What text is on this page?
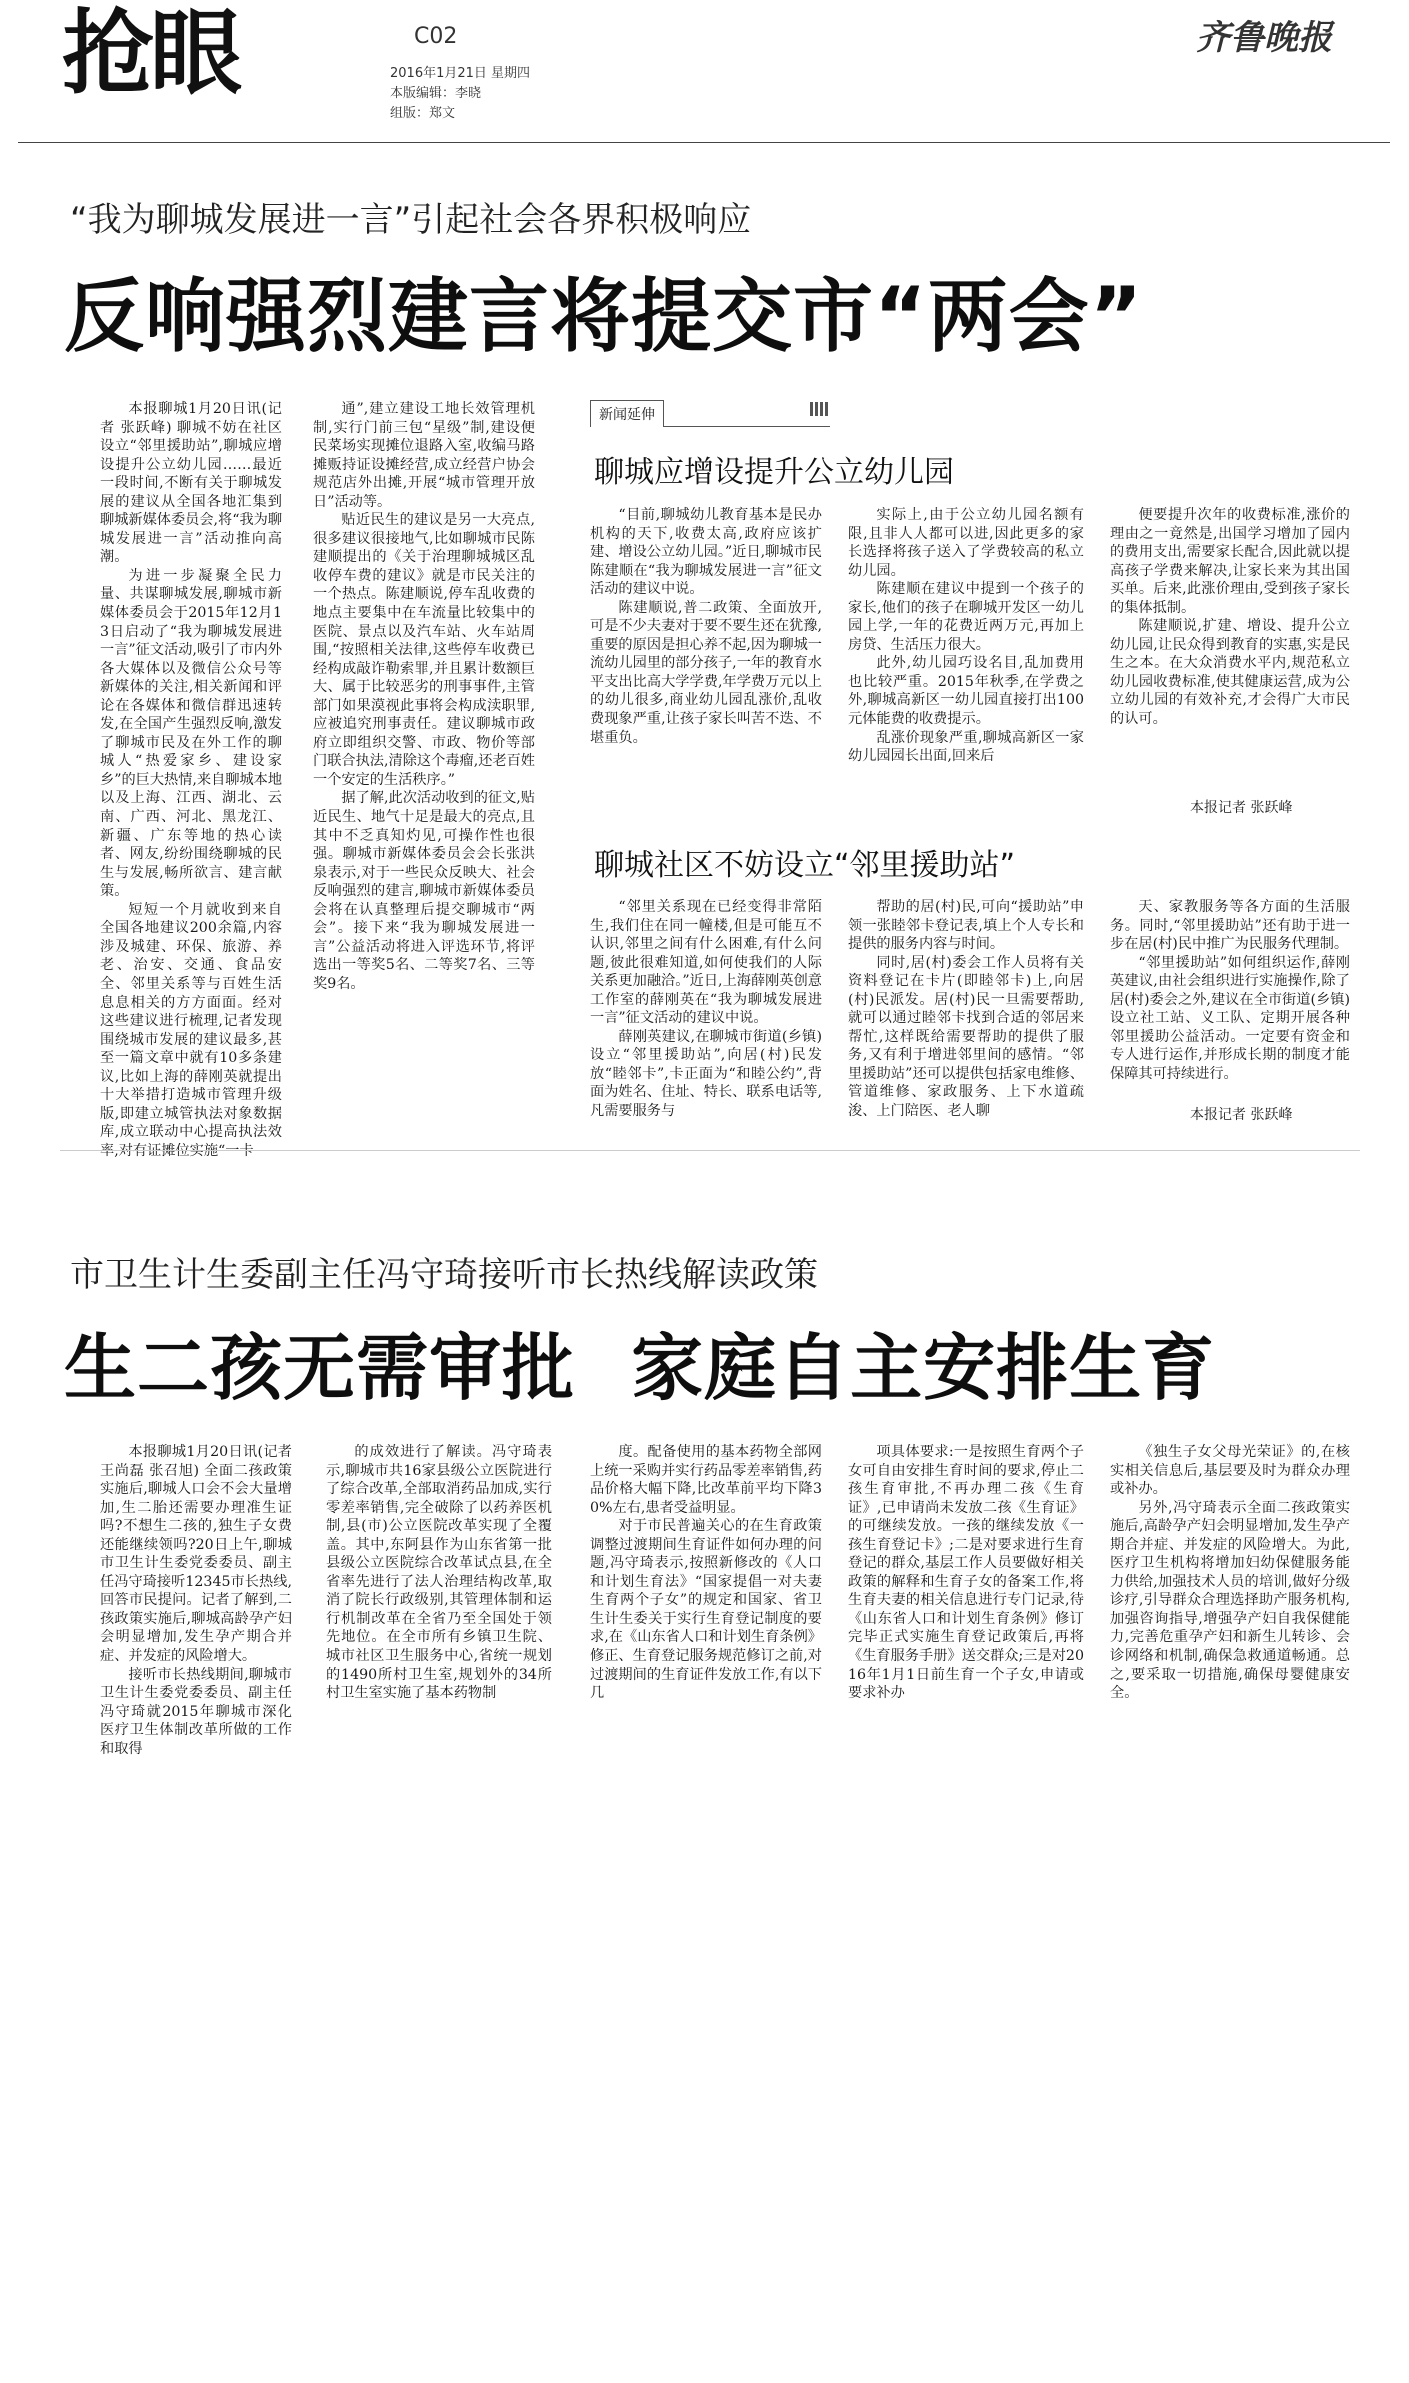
抢眼	C02
2016年1月21日 星期四
本版编辑：李晓
组版：郑文
齐鲁晚报
“我为聊城发展进一言”引起社会各界积极响应
反响强烈建言将提交市“两会”

本报聊城1月20日讯(记者 张跃峰) 聊城不妨在社区设立“邻里援助站”,聊城应增设提升公立幼儿园……最近一段时间,不断有关于聊城发展的建议从全国各地汇集到聊城新媒体委员会,将“我为聊城发展进一言”活动推向高潮。

为进一步凝聚全民力量、共谋聊城发展,聊城市新媒体委员会于2015年12月13日启动了“我为聊城发展进一言”征文活动,吸引了市内外各大媒体以及微信公众号等新媒体的关注,相关新闻和评论在各媒体和微信群迅速转发,在全国产生强烈反响,激发了聊城市民及在外工作的聊城人“热爱家乡、建设家乡”的巨大热情,来自聊城本地以及上海、江西、湖北、云南、广西、河北、黑龙江、新疆、广东等地的热心读者、网友,纷纷围绕聊城的民生与发展,畅所欲言、建言献策。

短短一个月就收到来自全国各地建议200余篇,内容涉及城建、环保、旅游、养老、治安、交通、食品安全、邻里关系等与百姓生活息息相关的方方面面。经对这些建议进行梳理,记者发现围绕城市发展的建议最多,甚至一篇文章中就有10多条建议,比如上海的薛刚英就提出十大举措打造城市管理升级版,即建立城管执法对象数据库,成立联动中心提高执法效率,对有证摊位实施“一卡

通”,建立建设工地长效管理机制,实行门前三包“星级”制,建设便民菜场实现摊位退路入室,收编马路摊贩持证设摊经营,成立经营户协会规范店外出摊,开展“城市管理开放日”活动等。

贴近民生的建议是另一大亮点,很多建议很接地气,比如聊城市民陈建顺提出的《关于治理聊城城区乱收停车费的建议》就是市民关注的一个热点。陈建顺说,停车乱收费的地点主要集中在车流量比较集中的医院、景点以及汽车站、火车站周围,“按照相关法律,这些停车收费已经构成敲诈勒索罪,并且累计数额巨大、属于比较恶劣的刑事事件,主管部门如果漠视此事将会构成渎职罪,应被追究刑事责任。建议聊城市政府立即组织交警、市政、物价等部门联合执法,清除这个毒瘤,还老百姓一个安定的生活秩序。”

据了解,此次活动收到的征文,贴近民生、地气十足是最大的亮点,且其中不乏真知灼见,可操作性也很强。聊城市新媒体委员会会长张洪泉表示,对于一些民众反映大、社会反响强烈的建言,聊城市新媒体委员会将在认真整理后提交聊城市“两会”。接下来“我为聊城发展进一言”公益活动将进入评选环节,将评选出一等奖5名、二等奖7名、三等奖9名。

新闻延伸
聊城应增设提升公立幼儿园

“目前,聊城幼儿教育基本是民办机构的天下,收费太高,政府应该扩建、增设公立幼儿园。”近日,聊城市民陈建顺在“我为聊城发展进一言”征文活动的建议中说。

陈建顺说,普二政策、全面放开,可是不少夫妻对于要不要生还在犹豫,重要的原因是担心养不起,因为聊城一流幼儿园里的部分孩子,一年的教育水平支出比高大学学费,年学费万元以上的幼儿很多,商业幼儿园乱涨价,乱收费现象严重,让孩子家长叫苦不迭、不堪重负。

实际上,由于公立幼儿园名额有限,且非人人都可以进,因此更多的家长选择将孩子送入了学费较高的私立幼儿园。

陈建顺在建议中提到一个孩子的家长,他们的孩子在聊城开发区一幼儿园上学,一年的花费近两万元,再加上房贷、生活压力很大。

此外,幼儿园巧设名目,乱加费用也比较严重。2015年秋季,在学费之外,聊城高新区一幼儿园直接打出100元体能费的收费提示。

乱涨价现象严重,聊城高新区一家幼儿园园长出面,回来后

便要提升次年的收费标准,涨价的理由之一竟然是,出国学习增加了园内的费用支出,需要家长配合,因此就以提高孩子学费来解决,让家长来为其出国买单。后来,此涨价理由,受到孩子家长的集体抵制。

陈建顺说,扩建、增设、提升公立幼儿园,让民众得到教育的实惠,实是民生之本。在大众消费水平内,规范私立幼儿园收费标准,使其健康运营,成为公立幼儿园的有效补充,才会得广大市民的认可。

本报记者 张跃峰
聊城社区不妨设立“邻里援助站”

“邻里关系现在已经变得非常陌生,我们住在同一幢楼,但是可能互不认识,邻里之间有什么困难,有什么问题,彼此很难知道,如何使我们的人际关系更加融洽。”近日,上海薛刚英创意工作室的薛刚英在“我为聊城发展进一言”征文活动的建议中说。

薛刚英建议,在聊城市街道(乡镇)设立“邻里援助站”,向居(村)民发放“睦邻卡”,卡正面为“和睦公约”,背面为姓名、住址、特长、联系电话等,凡需要服务与

帮助的居(村)民,可向“援助站”申领一张睦邻卡登记表,填上个人专长和提供的服务内容与时间。

同时,居(村)委会工作人员将有关资料登记在卡片(即睦邻卡)上,向居(村)民派发。居(村)民一旦需要帮助,就可以通过睦邻卡找到合适的邻居来帮忙,这样既给需要帮助的提供了服务,又有利于增进邻里间的感情。“邻里援助站”还可以提供包括家电维修、管道维修、家政服务、上下水道疏浚、上门陪医、老人聊

天、家教服务等各方面的生活服务。同时,“邻里援助站”还有助于进一步在居(村)民中推广为民服务代理制。

“邻里援助站”如何组织运作,薛刚英建议,由社会组织进行实施操作,除了居(村)委会之外,建议在全市街道(乡镇)设立社工站、义工队、定期开展各种邻里援助公益活动。一定要有资金和专人进行运作,并形成长期的制度才能保障其可持续进行。

本报记者 张跃峰
市卫生计生委副主任冯守琦接听市长热线解读政策
生二孩无需审批 家庭自主安排生育

本报聊城1月20日讯(记者 王尚磊 张召旭) 全面二孩政策实施后,聊城人口会不会大量增加,生二胎还需要办理准生证吗?不想生二孩的,独生子女费还能继续领吗?20日上午,聊城市卫生计生委党委委员、副主任冯守琦接听12345市长热线,回答市民提问。记者了解到,二孩政策实施后,聊城高龄孕产妇会明显增加,发生孕产期合并症、并发症的风险增大。

接听市长热线期间,聊城市卫生计生委党委委员、副主任冯守琦就2015年聊城市深化医疗卫生体制改革所做的工作和取得

的成效进行了解读。冯守琦表示,聊城市共16家县级公立医院进行了综合改革,全部取消药品加成,实行零差率销售,完全破除了以药养医机制,县(市)公立医院改革实现了全覆盖。其中,东阿县作为山东省第一批县级公立医院综合改革试点县,在全省率先进行了法人治理结构改革,取消了院长行政级别,其管理体制和运行机制改革在全省乃至全国处于领先地位。在全市所有乡镇卫生院、城市社区卫生服务中心,省统一规划的1490所村卫生室,规划外的34所村卫生室实施了基本药物制

度。配备使用的基本药物全部网上统一采购并实行药品零差率销售,药品价格大幅下降,比改革前平均下降30%左右,患者受益明显。

对于市民普遍关心的在生育政策调整过渡期间生育证件如何办理的问题,冯守琦表示,按照新修改的《人口和计划生育法》“国家提倡一对夫妻生育两个子女”的规定和国家、省卫生计生委关于实行生育登记制度的要求,在《山东省人口和计划生育条例》修正、生育登记服务规范修订之前,对过渡期间的生育证件发放工作,有以下几

项具体要求:一是按照生育两个子女可自由安排生育时间的要求,停止二孩生育审批,不再办理二孩《生育证》,已申请尚未发放二孩《生育证》的可继续发放。一孩的继续发放《一孩生育登记卡》;二是对要求进行生育登记的群众,基层工作人员要做好相关政策的解释和生育子女的备案工作,将生育夫妻的相关信息进行专门记录,待《山东省人口和计划生育条例》修订完毕正式实施生育登记政策后,再将《生育服务手册》送交群众;三是对2016年1月1日前生育一个子女,申请或要求补办

《独生子女父母光荣证》的,在核实相关信息后,基层要及时为群众办理或补办。

另外,冯守琦表示全面二孩政策实施后,高龄孕产妇会明显增加,发生孕产期合并症、并发症的风险增大。为此,医疗卫生机构将增加妇幼保健服务能力供给,加强技术人员的培训,做好分级诊疗,引导群众合理选择助产服务机构,加强咨询指导,增强孕产妇自我保健能力,完善危重孕产妇和新生儿转诊、会诊网络和机制,确保急救通道畅通。总之,要采取一切措施,确保母婴健康安全。
